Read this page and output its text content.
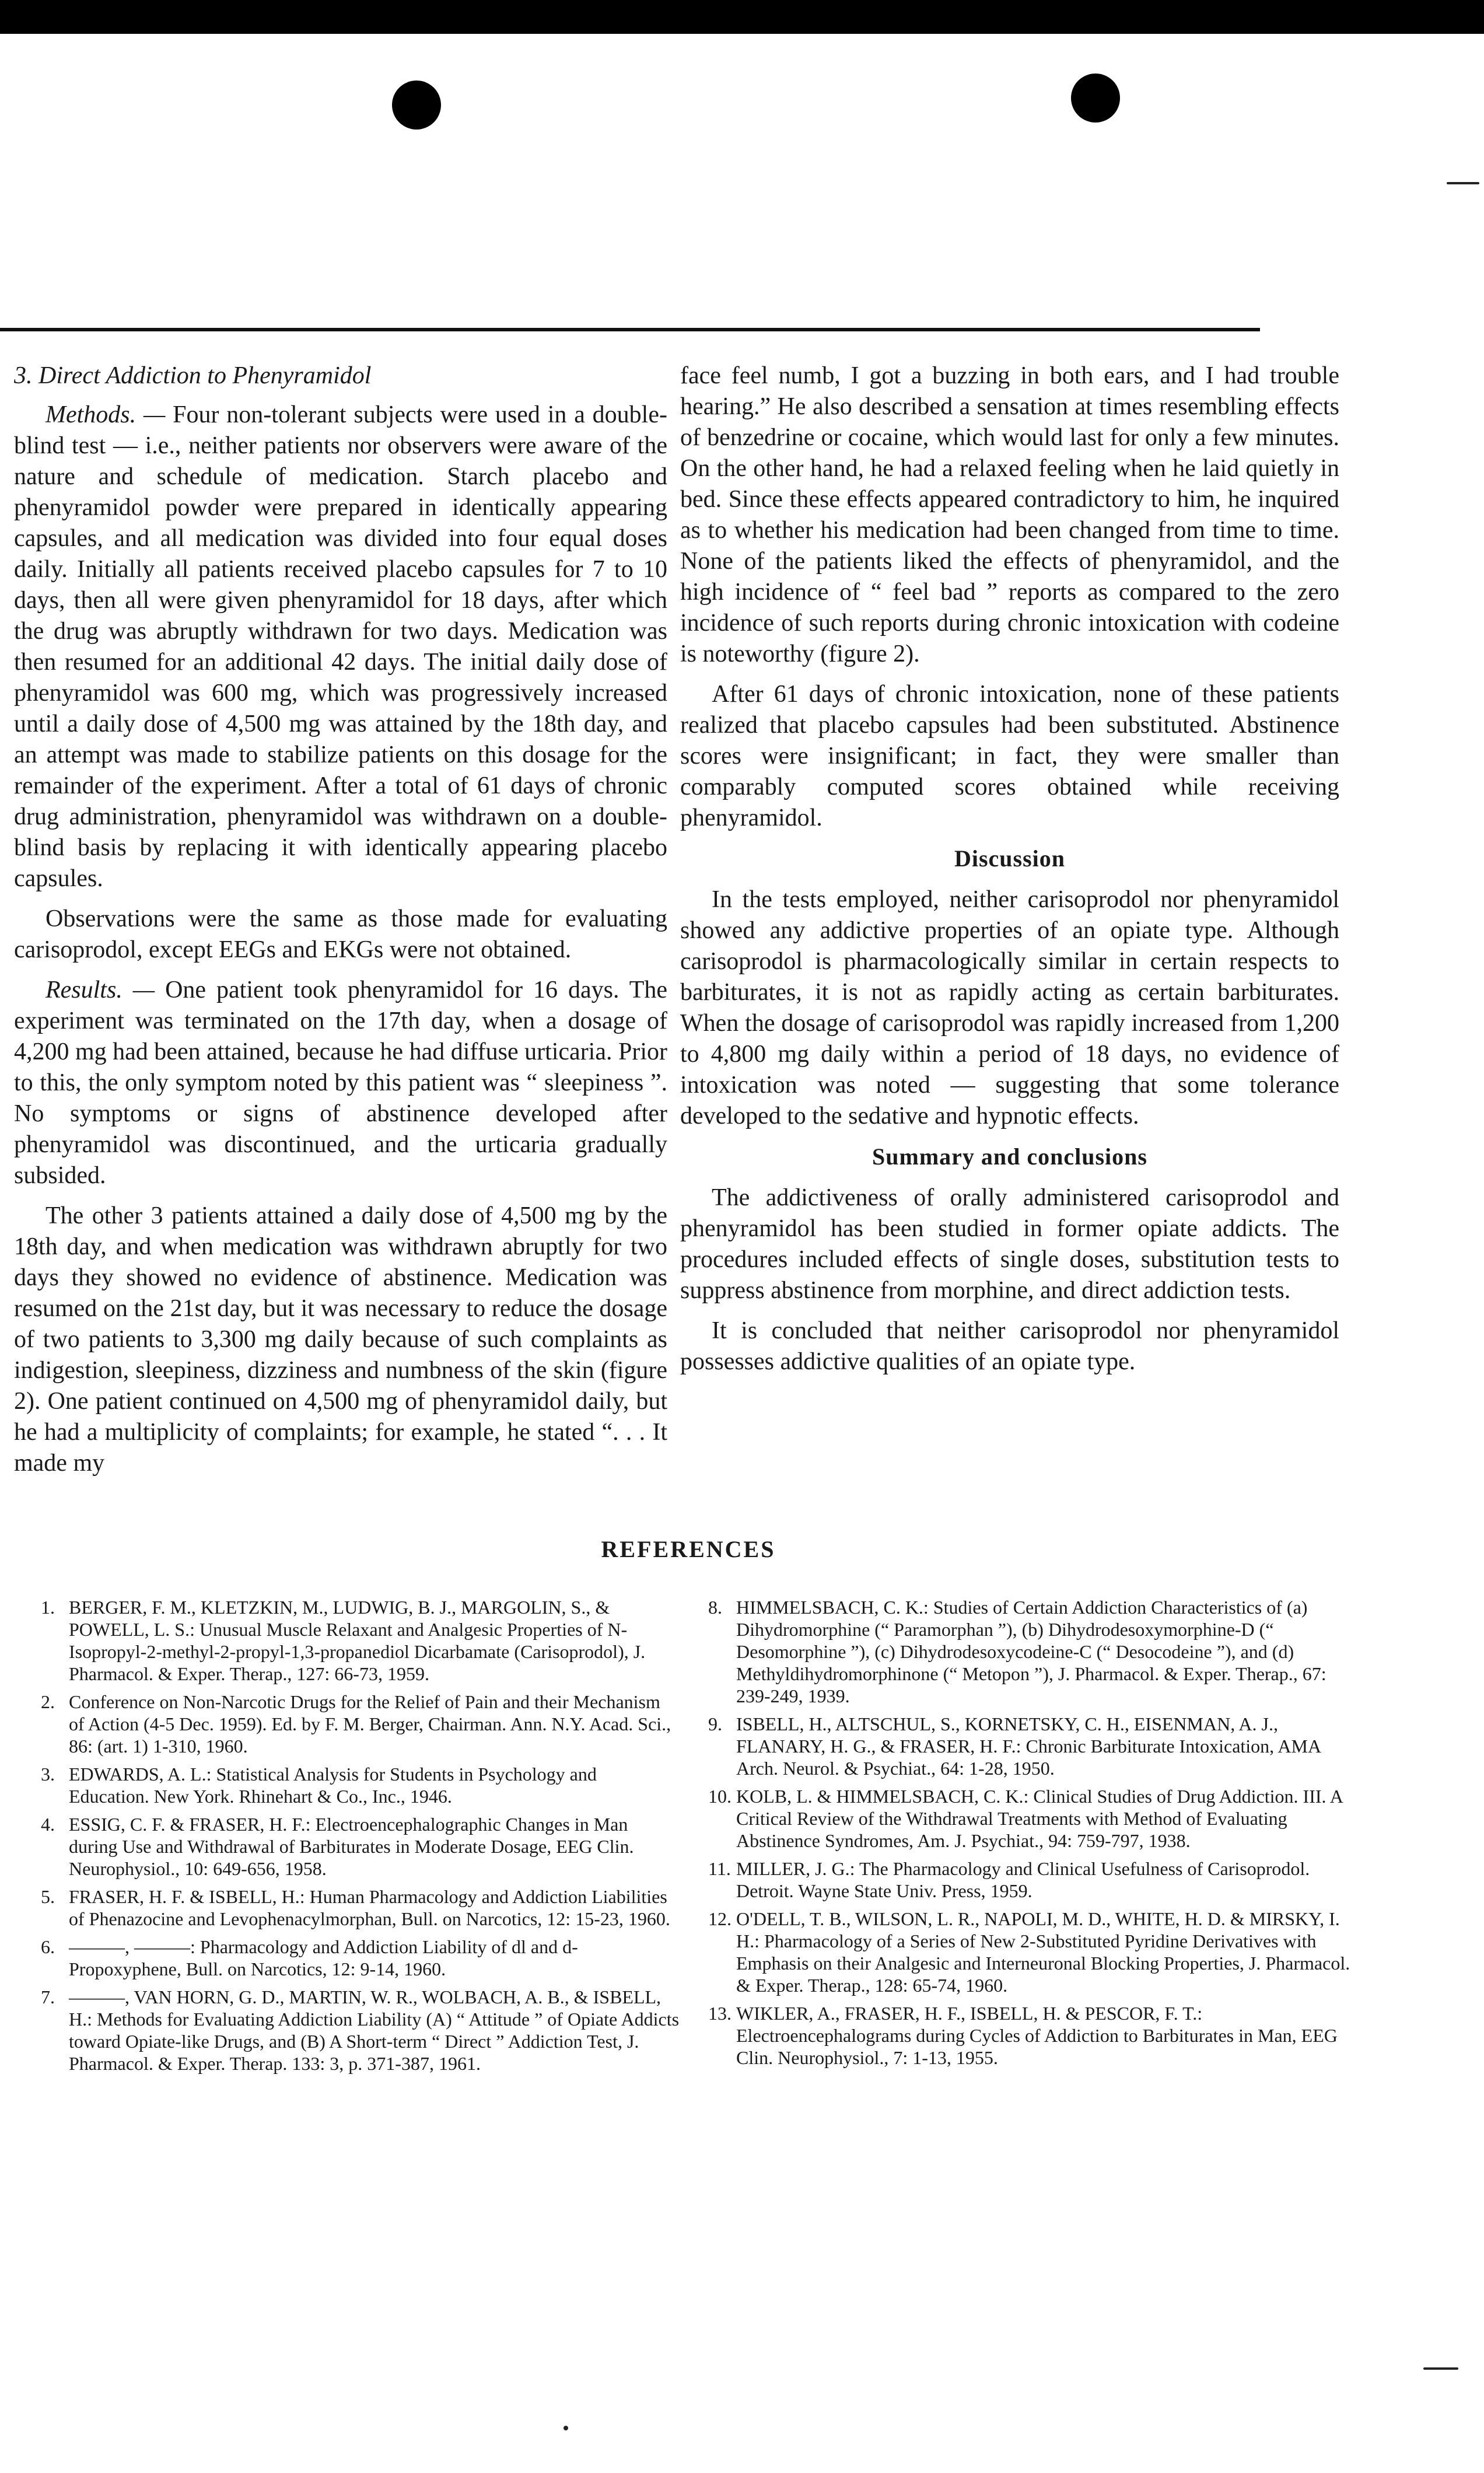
3. Direct Addiction to Phenyramidol

Methods. — Four non-tolerant subjects were used in a double-blind test — i.e., neither patients nor observers were aware of the nature and schedule of medication. Starch placebo and phenyramidol powder were prepared in identically appearing capsules, and all medication was divided into four equal doses daily. Initially all patients received placebo capsules for 7 to 10 days, then all were given phenyramidol for 18 days, after which the drug was abruptly withdrawn for two days. Medication was then resumed for an additional 42 days. The initial daily dose of phenyramidol was 600 mg, which was progressively increased until a daily dose of 4,500 mg was attained by the 18th day, and an attempt was made to stabilize patients on this dosage for the remainder of the experiment. After a total of 61 days of chronic drug administration, phenyramidol was withdrawn on a double-blind basis by replacing it with identically appearing placebo capsules.

Observations were the same as those made for evaluating carisoprodol, except EEGs and EKGs were not obtained.

Results. — One patient took phenyramidol for 16 days. The experiment was terminated on the 17th day, when a dosage of 4,200 mg had been attained, because he had diffuse urticaria. Prior to this, the only symptom noted by this patient was “ sleepiness ”. No symptoms or signs of abstinence developed after phenyramidol was discontinued, and the urticaria gradually subsided.

The other 3 patients attained a daily dose of 4,500 mg by the 18th day, and when medication was withdrawn abruptly for two days they showed no evidence of abstinence. Medication was resumed on the 21st day, but it was necessary to reduce the dosage of two patients to 3,300 mg daily because of such complaints as indigestion, sleepiness, dizziness and numbness of the skin (figure 2). One patient continued on 4,500 mg of phenyramidol daily, but he had a multiplicity of complaints; for example, he stated “. . . It made my

face feel numb, I got a buzzing in both ears, and I had trouble hearing.” He also described a sensation at times resembling effects of benzedrine or cocaine, which would last for only a few minutes. On the other hand, he had a relaxed feeling when he laid quietly in bed. Since these effects appeared contradictory to him, he inquired as to whether his medication had been changed from time to time. None of the patients liked the effects of phenyramidol, and the high incidence of “ feel bad ” reports as compared to the zero incidence of such reports during chronic intoxication with codeine is noteworthy (figure 2).

After 61 days of chronic intoxication, none of these patients realized that placebo capsules had been substituted. Abstinence scores were insignificant; in fact, they were smaller than comparably computed scores obtained while receiving phenyramidol.

Discussion

In the tests employed, neither carisoprodol nor phenyramidol showed any addictive properties of an opiate type. Although carisoprodol is pharmacologically similar in certain respects to barbiturates, it is not as rapidly acting as certain barbiturates. When the dosage of carisoprodol was rapidly increased from 1,200 to 4,800 mg daily within a period of 18 days, no evidence of intoxication was noted — suggesting that some tolerance developed to the sedative and hypnotic effects.

Summary and conclusions

The addictiveness of orally administered carisoprodol and phenyramidol has been studied in former opiate addicts. The procedures included effects of single doses, substitution tests to suppress abstinence from morphine, and direct addiction tests.

It is concluded that neither carisoprodol nor phenyramidol possesses addictive qualities of an opiate type.

REFERENCES
1. BERGER, F. M., KLETZKIN, M., LUDWIG, B. J., MARGOLIN, S., & POWELL, L. S.: Unusual Muscle Relaxant and Analgesic Properties of N-Isopropyl-2-methyl-2-propyl-1,3-propanediol Dicarbamate (Carisoprodol), J. Pharmacol. & Exper. Therap., 127: 66-73, 1959.
2. Conference on Non-Narcotic Drugs for the Relief of Pain and their Mechanism of Action (4-5 Dec. 1959). Ed. by F. M. Berger, Chairman. Ann. N.Y. Acad. Sci., 86: (art. 1) 1-310, 1960.
3. EDWARDS, A. L.: Statistical Analysis for Students in Psychology and Education. New York. Rhinehart & Co., Inc., 1946.
4. ESSIG, C. F. & FRASER, H. F.: Electroencephalographic Changes in Man during Use and Withdrawal of Barbiturates in Moderate Dosage, EEG Clin. Neurophysiol., 10: 649-656, 1958.
5. FRASER, H. F. & ISBELL, H.: Human Pharmacology and Addiction Liabilities of Phenazocine and Levophenacylmorphan, Bull. on Narcotics, 12: 15-23, 1960.
6. ———, ———: Pharmacology and Addiction Liability of dl and d-Propoxyphene, Bull. on Narcotics, 12: 9-14, 1960.
7. ———, VAN HORN, G. D., MARTIN, W. R., WOLBACH, A. B., & ISBELL, H.: Methods for Evaluating Addiction Liability (A) “ Attitude ” of Opiate Addicts toward Opiate-like Drugs, and (B) A Short-term “ Direct ” Addiction Test, J. Pharmacol. & Exper. Therap. 133: 3, p. 371-387, 1961.
8. HIMMELSBACH, C. K.: Studies of Certain Addiction Characteristics of (a) Dihydromorphine (“ Paramorphan ”), (b) Dihydrodesoxymorphine-D (“ Desomorphine ”), (c) Dihydrodesoxycodeine-C (“ Desocodeine ”), and (d) Methyldihydromorphinone (“ Metopon ”), J. Pharmacol. & Exper. Therap., 67: 239-249, 1939.
9. ISBELL, H., ALTSCHUL, S., KORNETSKY, C. H., EISENMAN, A. J., FLANARY, H. G., & FRASER, H. F.: Chronic Barbiturate Intoxication, AMA Arch. Neurol. & Psychiat., 64: 1-28, 1950.
10. KOLB, L. & HIMMELSBACH, C. K.: Clinical Studies of Drug Addiction. III. A Critical Review of the Withdrawal Treatments with Method of Evaluating Abstinence Syndromes, Am. J. Psychiat., 94: 759-797, 1938.
11. MILLER, J. G.: The Pharmacology and Clinical Usefulness of Carisoprodol. Detroit. Wayne State Univ. Press, 1959.
12. O'DELL, T. B., WILSON, L. R., NAPOLI, M. D., WHITE, H. D. & MIRSKY, I. H.: Pharmacology of a Series of New 2-Substituted Pyridine Derivatives with Emphasis on their Analgesic and Interneuronal Blocking Properties, J. Pharmacol. & Exper. Therap., 128: 65-74, 1960.
13. WIKLER, A., FRASER, H. F., ISBELL, H. & PESCOR, F. T.: Electroencephalograms during Cycles of Addiction to Barbiturates in Man, EEG Clin. Neurophysiol., 7: 1-13, 1955.
